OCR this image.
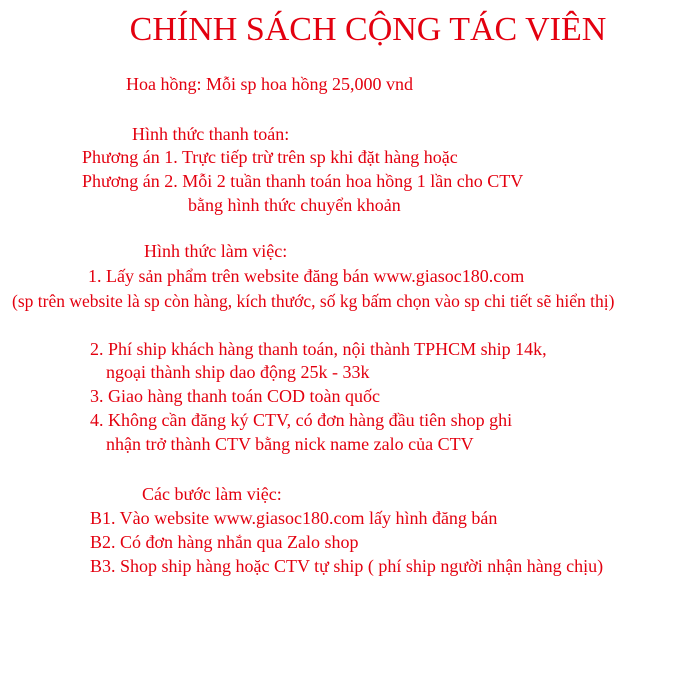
CHÍNH SÁCH CỘNG TÁC VIÊN
Hoa hồng: Mỗi sp hoa hồng 25,000 vnd
Hình thức thanh toán:
Phương án 1. Trực tiếp trừ trên sp khi đặt hàng hoặc
Phương án 2. Mỗi 2 tuần thanh toán hoa hồng 1 lần cho CTV
bằng hình thức chuyển khoản
Hình thức làm việc:
1. Lấy sản phẩm trên website đăng bán www.giasoc180.com
(sp trên website là sp còn hàng, kích thước, số kg bấm chọn vào sp chi tiết sẽ hiển thị)
2. Phí ship khách hàng thanh toán, nội thành TPHCM ship 14k,
ngoại thành ship dao động 25k - 33k
3. Giao hàng thanh toán COD toàn quốc
4. Không cần đăng ký CTV, có đơn hàng đầu tiên shop ghi
nhận trở thành CTV bằng nick name zalo của CTV
Các bước làm việc:
B1. Vào website www.giasoc180.com lấy hình đăng bán
B2. Có đơn hàng nhắn qua Zalo shop
B3. Shop ship hàng hoặc CTV tự ship ( phí ship người nhận hàng chịu)
